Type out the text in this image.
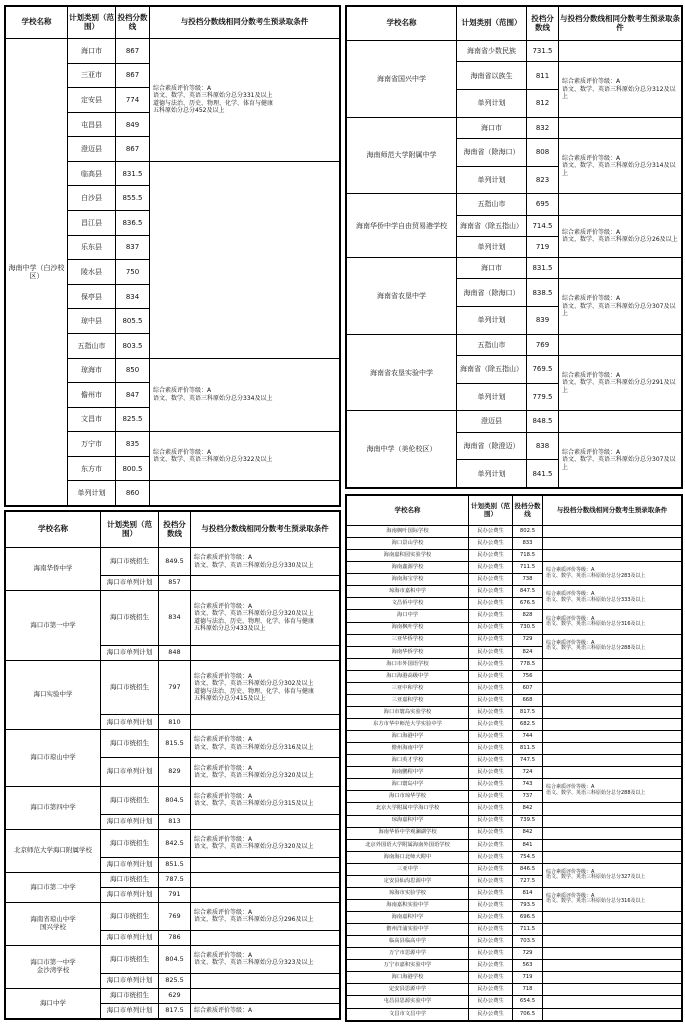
学校名称	计划类别（范围）	投档分数线	与投档分数线相同分数考生预录取条件
海南中学（白沙校区）	海口市	867	综合素质评价等级：A
语文、数学、英语三科原始分总分331及以上
道德与法治、历史、物理、化学、体育与健康
五科原始分总分452及以上
	三亚市	867	
	定安县	774	
	屯昌县	849	
	澄迈县	867	
	临高县	831.5	
	白沙县	855.5	
	昌江县	836.5	
	乐东县	837	
	陵水县	750	
	保亭县	834	
	琼中县	805.5	
	五指山市	803.5	
	琼海市	850	综合素质评价等级：A
语文、数学、英语三科原始分总分334及以上
	儋州市	847	
	文昌市	825.5	
	万宁市	835	综合素质评价等级：A
语文、数学、英语三科原始分总分322及以上
	东方市	800.5	
	单列计划	860	
学校名称	计划类别（范围）	投档分数线	与投档分数线相同分数考生预录取条件
海南省国兴中学	海南省少数民族	731.5	
	海南省以族生	811	综合素质评价等级：A
语文、数学、英语三科原始分总分312及以上
	单列计划	812	
海南师范大学附属中学	海口市	832	
	海南省（除海口）	808	综合素质评价等级：A
语文、数学、英语三科原始分总分314及以上
	单列计划	823	
海南华侨中学自由贸易港学校	五指山市	695	
	海南省（除五指山）	714.5	综合素质评价等级：A
语文、数学、英语三科原始分总分26及以上
	单列计划	719	
海南省农垦中学	海口市	831.5	
	海南省（除海口）	838.5	综合素质评价等级：A
语文、数学、英语三科原始分总分307及以上
	单列计划	839	
海南省农垦实验中学	五指山市	769	
	海南省（除五指山）	769.5	综合素质评价等级：A
语文、数学、英语三科原始分总分291及以上
	单列计划	779.5	
海南中学（美伦校区）	澄迈县	848.5	
	海南省（除澄迈）	838	综合素质评价等级：A
语文、数学、英语三科原始分总分307及以上
	单列计划	841.5	
学校名称	计划类别（范围）	投档分数线	与投档分数线相同分数考生预录取条件
海南华侨中学	海口市统招生	849.5	综合素质评价等级：A
语文、数学、英语三科原始分总分330及以上
	海口市单列计划	857	
海口市第一中学	海口市统招生	834	综合素质评价等级：A
语文、数学、英语三科原始分总分320及以上
道德与法治、历史、物理、化学、体育与健康
五科原始分总分433及以上
	海口市单列计划	848	
海口实验中学	海口市统招生	797	综合素质评价等级：A
语文、数学、英语三科原始分总分302及以上
道德与法治、历史、物理、化学、体育与健康
五科原始分总分415及以上
	海口市单列计划	810	
海口市琼山中学	海口市统招生	815.5	综合素质评价等级：A
语文、数学、英语三科原始分总分316及以上
	海口市单列计划	829	综合素质评价等级：A
语文、数学、英语三科原始分总分320及以上
海口市第四中学	海口市统招生	804.5	综合素质评价等级：A
语文、数学、英语三科原始分总分315及以上
	海口市单列计划	813	
北京师范大学海口附属学校	海口市统招生	842.5	综合素质评价等级：A
语文、数学、英语三科原始分总分320及以上
	海口市单列计划	851.5	
海口市第二中学	海口市统招生	787.5	
	海口市单列计划	791	
海南省琼山中学
国兴学校	海口市统招生	769	综合素质评价等级：A
语文、数学、英语三科原始分总分296及以上
	海口市单列计划	786	
海口市第一中学
金沙湾学校	海口市统招生	804.5	综合素质评价等级：A
语文、数学、英语三科原始分总分323及以上
	海口市单列计划	825.5	
海口中学	海口市统招生	629	
	海口市单列计划	817.5	综合素质评价等级：A
学校名称	计划类别（范围）	投档分数线	与投档分数线相同分数考生预录取条件
海南枫叶国际学校	民办公费生	802.5	
海口景山学校	民办公费生	833	
海南嘉积园实验学校	民办公费生	718.5	
海南鑫源学校	民办公费生	711.5	综合素质评价等级：A
语文、数学、英语三科原始分总分283及以上
海南海宝学校	民办公费生	738	
琼海市嘉积中学	民办公费生	847.5	综合素质评价等级：A
语文、数学、英语三科原始分总分333及以上
文昌侨中学校	民办公费生	676.5	
海口中学	民办公费生	828	综合素质评价等级：A
语文、数学、英语三科原始分总分316及以上
海南枫叶学校	民办公费生	730.5	
三亚华侨学校	民办公费生	729	综合素质评价等级：A
语文、数学、英语三科原始分总分288及以上
海南华侨学校	民办公费生	824	
海口市外国语学校	民办公费生	778.5	
海口海港高级中学	民办公费生	756	
三亚中和学校	民办公费生	607	
三亚嘉积学校	民办公费生	668	
海口市寰岛实验学校	民办公费生	817.5	
东方市华中师范大学实验中学	民办公费生	682.5	
海口海港中学	民办公费生	744	
儋州海南中学	民办公费生	811.5	
海口英才学校	民办公费生	747.5	
海南鹏程中学	民办公费生	724	
海口寰岛中学	民办公费生	743	综合素质评价等级：A
语文、数学、英语三科原始分总分288及以上
海口市琼华学校	民办公费生	737	
北京大学附属中学海口学校	民办公费生	842	
琼海嘉积中学	民办公费生	739.5	
海南华侨中学观澜湖学校	民办公费生	842	
北京外国语大学附属海南外国语学校	民办公费生	841	
海南海口北师大附中	民办公费生	754.5	
三亚中学	民办公费生	846.5	综合素质评价等级：A
语文、数学、英语三科原始分总分327及以上
定安县仙沟思源中学	民办公费生	727.5	
琼海市实验学校	民办公费生	814	综合素质评价等级：A
语文、数学、英语三科原始分总分316及以上
海南嘉积实验中学	民办公费生	793.5	
海南嘉积中学	民办公费生	696.5	
儋州洋浦实验中学	民办公费生	711.5	
临高县临高中学	民办公费生	703.5	
万宁市思源中学	民办公费生	729	
万宁市嘉积实验中学	民办公费生	563	
海口海港学校	民办公费生	719	
定安县思源中学	民办公费生	718	
屯昌县思源实验中学	民办公费生	654.5	
文昌市文昌中学	民办公费生	706.5	
